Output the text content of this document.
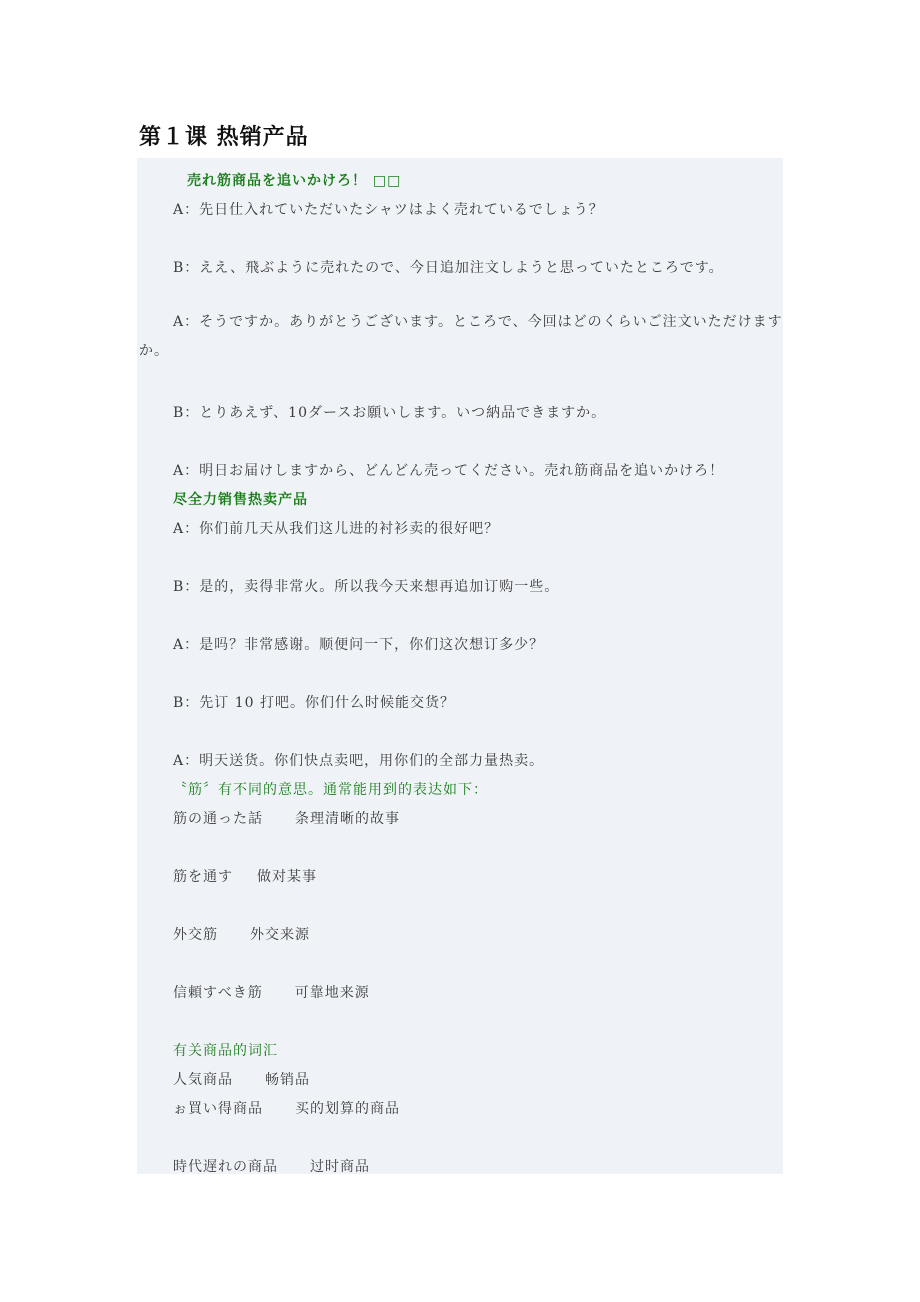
第１课 热销产品
売れ筋商品を追いかけろ！ □□
A：先日仕入れていただいたシャツはよく売れているでしょう？
B：ええ、飛ぶように売れたので、今日追加注文しようと思っていたところです。
A：そうですか。ありがとうございます。ところで、今回はどのくらいご注文いただけますか。
B：とりあえず、10ダースお願いします。いつ納品できますか。
A：明日お届けしますから、どんどん売ってください。売れ筋商品を追いかけろ！
尽全力销售热卖产品
A：你们前几天从我们这儿进的衬衫卖的很好吧？
B：是的，卖得非常火。所以我今天来想再追加订购一些。
A：是吗？非常感谢。顺便问一下，你们这次想订多少？
B：先订 10 打吧。你们什么时候能交货？
A：明天送货。你们快点卖吧，用你们的全部力量热卖。
〝筋〞有不同的意思。通常能用到的表达如下：
筋の通った話 条理清晰的故事
筋を通す 做对某事
外交筋 外交来源
信頼すべき筋 可靠地来源
有关商品的词汇
人気商品 畅销品
ぉ買い得商品 买的划算的商品
時代遅れの商品 过时商品
